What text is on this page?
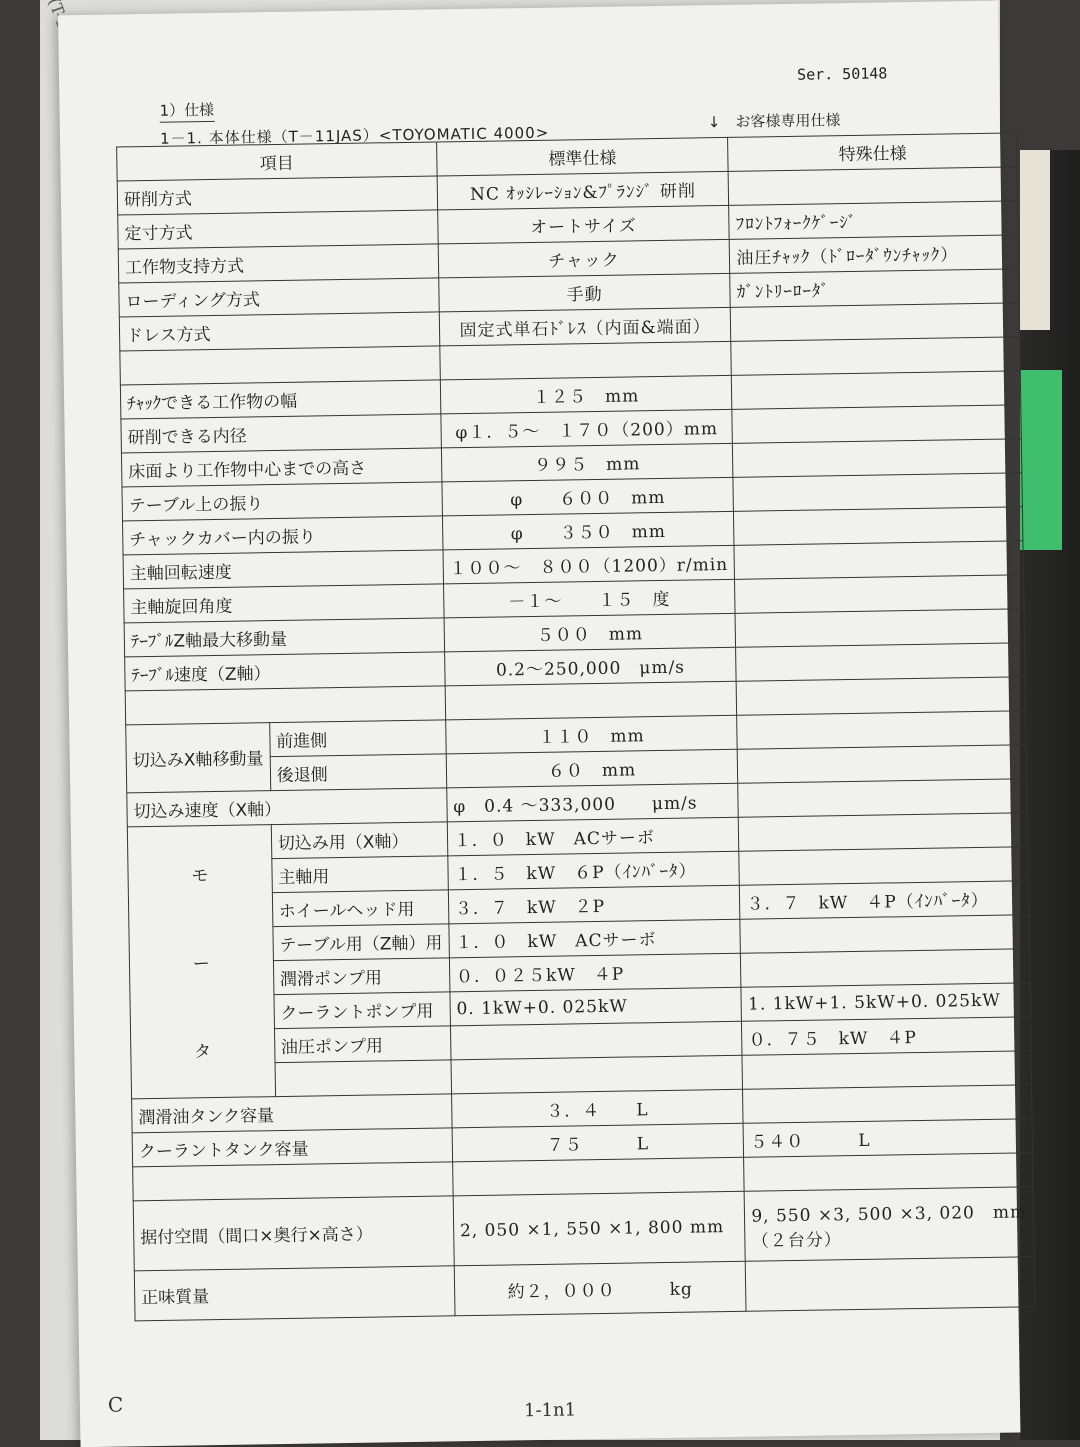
Ser. 50148
1）仕様
1－1. 本体仕様（T－11JAS）<TOYOMATIC 4000>
↓　お客様専用仕様
項目		標準仕様	特殊仕様
研削方式		NC ｵｯｼﾚｰｼｮﾝ&ﾌﾟﾗﾝｼﾞ 研削	
定寸方式		オートサイズ	ﾌﾛﾝﾄﾌｫｰｸｹﾞｰｼﾞ
工作物支持方式		チャック	油圧ﾁｬｯｸ（ﾄﾞﾛｰﾀﾞｳﾝﾁｬｯｸ）
ローディング方式		手動	ｶﾞﾝﾄﾘｰﾛｰﾀﾞ
ドレス方式		固定式単石ﾄﾞﾚｽ（内面&端面）	

ﾁｬｯｸできる工作物の幅		１２５　mm	
研削できる内径		φ１．５～　１７０（200）mm	
床面より工作物中心までの高さ		９９５　mm	
テーブル上の振り		φ　　６００　mm	
チャックカバー内の振り		φ　　３５０　mm	
主軸回転速度		１００～　８００（1200）r/min	
主軸旋回角度		－１～　　１５　度	
ﾃｰﾌﾞﾙZ軸最大移動量		５００　mm	
ﾃｰﾌﾞﾙ速度（Z軸）		0.2～250,000　μm/s	

切込みX軸移動量	前進側	１１０　mm	
	後退側	６０　mm	
切込み速度（X軸）		φ　0.4 ～333,000　　μm/s	

モ
ー
タ	切込み用（X軸）	１．０　kW　ACサーボ	
	主軸用	１．５　kW　６P（ｲﾝﾊﾞｰﾀ）	
	ホイールヘッド用	３．７　kW　２P	３．７　kW　４P（ｲﾝﾊﾞｰﾀ）
	テーブル用（Z軸）用	１．０　kW　ACサーボ	
	潤滑ポンプ用	０．０２５kW　４P	
	クーラントポンプ用	0. 1kW+0. 025kW	1. 1kW+1. 5kW+0. 025kW
	油圧ポンプ用		０．７５　kW　４P

潤滑油タンク容量		３．４　　L	
クーラントタンク容量		７５　　　L	５４０　　　L

据付空間（間口×奥行×高さ）		2, 050 ×1, 550 ×1, 800 mm	9, 550 ×3, 500 ×3, 020　mm
（２台分）

正味質量		約２，０００　　　kg	
C	1-1n1
